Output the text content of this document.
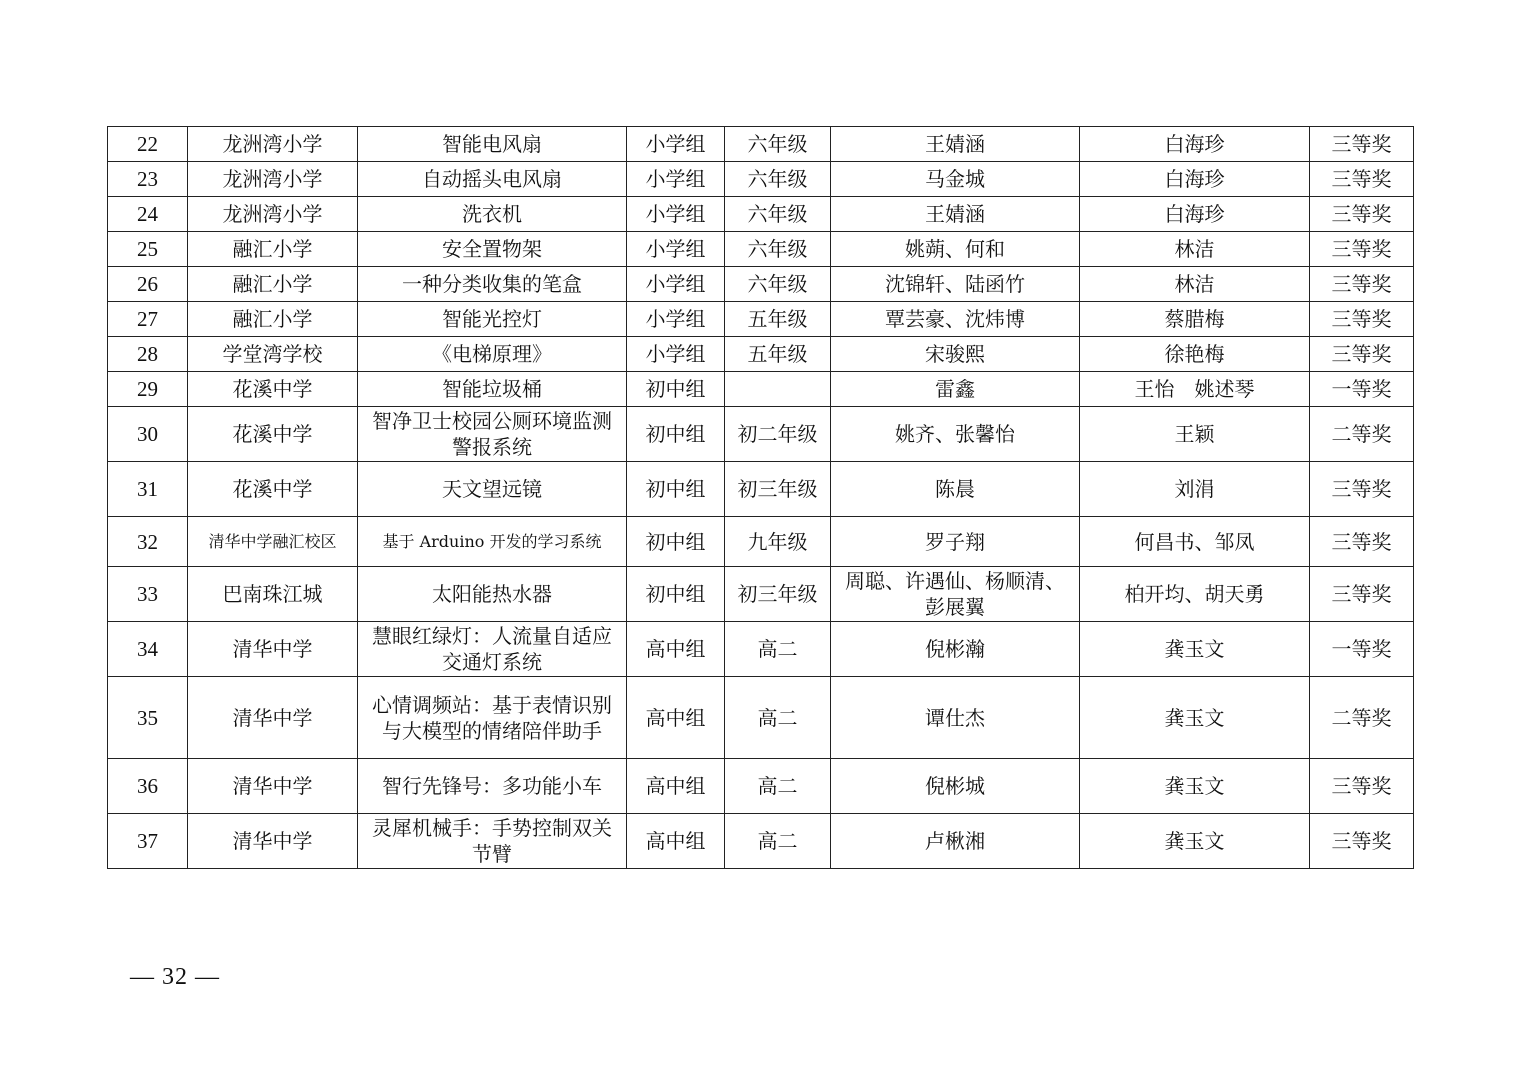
22	龙洲湾小学	智能电风扇	小学组	六年级	王婧涵	白海珍	三等奖
23	龙洲湾小学	自动摇头电风扇	小学组	六年级	马金城	白海珍	三等奖
24	龙洲湾小学	洗衣机	小学组	六年级	王婧涵	白海珍	三等奖
25	融汇小学	安全置物架	小学组	六年级	姚蒴、何和	林洁	三等奖
26	融汇小学	一种分类收集的笔盒	小学组	六年级	沈锦轩、陆函竹	林洁	三等奖
27	融汇小学	智能光控灯	小学组	五年级	覃芸豪、沈炜博	蔡腊梅	三等奖
28	学堂湾学校	《电梯原理》	小学组	五年级	宋骏熙	徐艳梅	三等奖
29	花溪中学	智能垃圾桶	初中组		雷鑫	王怡　姚述琴	一等奖
30	花溪中学	智净卫士校园公厕环境监测警报系统	初中组	初二年级	姚齐、张馨怡	王颖	二等奖
31	花溪中学	天文望远镜	初中组	初三年级	陈晨	刘涓	三等奖
32	清华中学融汇校区	基于 Arduino 开发的学习系统	初中组	九年级	罗子翔	何昌书、邹凤	三等奖
33	巴南珠江城	太阳能热水器	初中组	初三年级	周聪、许遇仙、杨顺清、彭展翼	柏开均、胡天勇	三等奖
34	清华中学	慧眼红绿灯：人流量自适应交通灯系统	高中组	高二	倪彬瀚	龚玉文	一等奖
35	清华中学	心情调频站：基于表情识别与大模型的情绪陪伴助手	高中组	高二	谭仕杰	龚玉文	二等奖
36	清华中学	智行先锋号：多功能小车	高中组	高二	倪彬城	龚玉文	三等奖
37	清华中学	灵犀机械手：手势控制双关节臂	高中组	高二	卢楸湘	龚玉文	三等奖
— 32 —
